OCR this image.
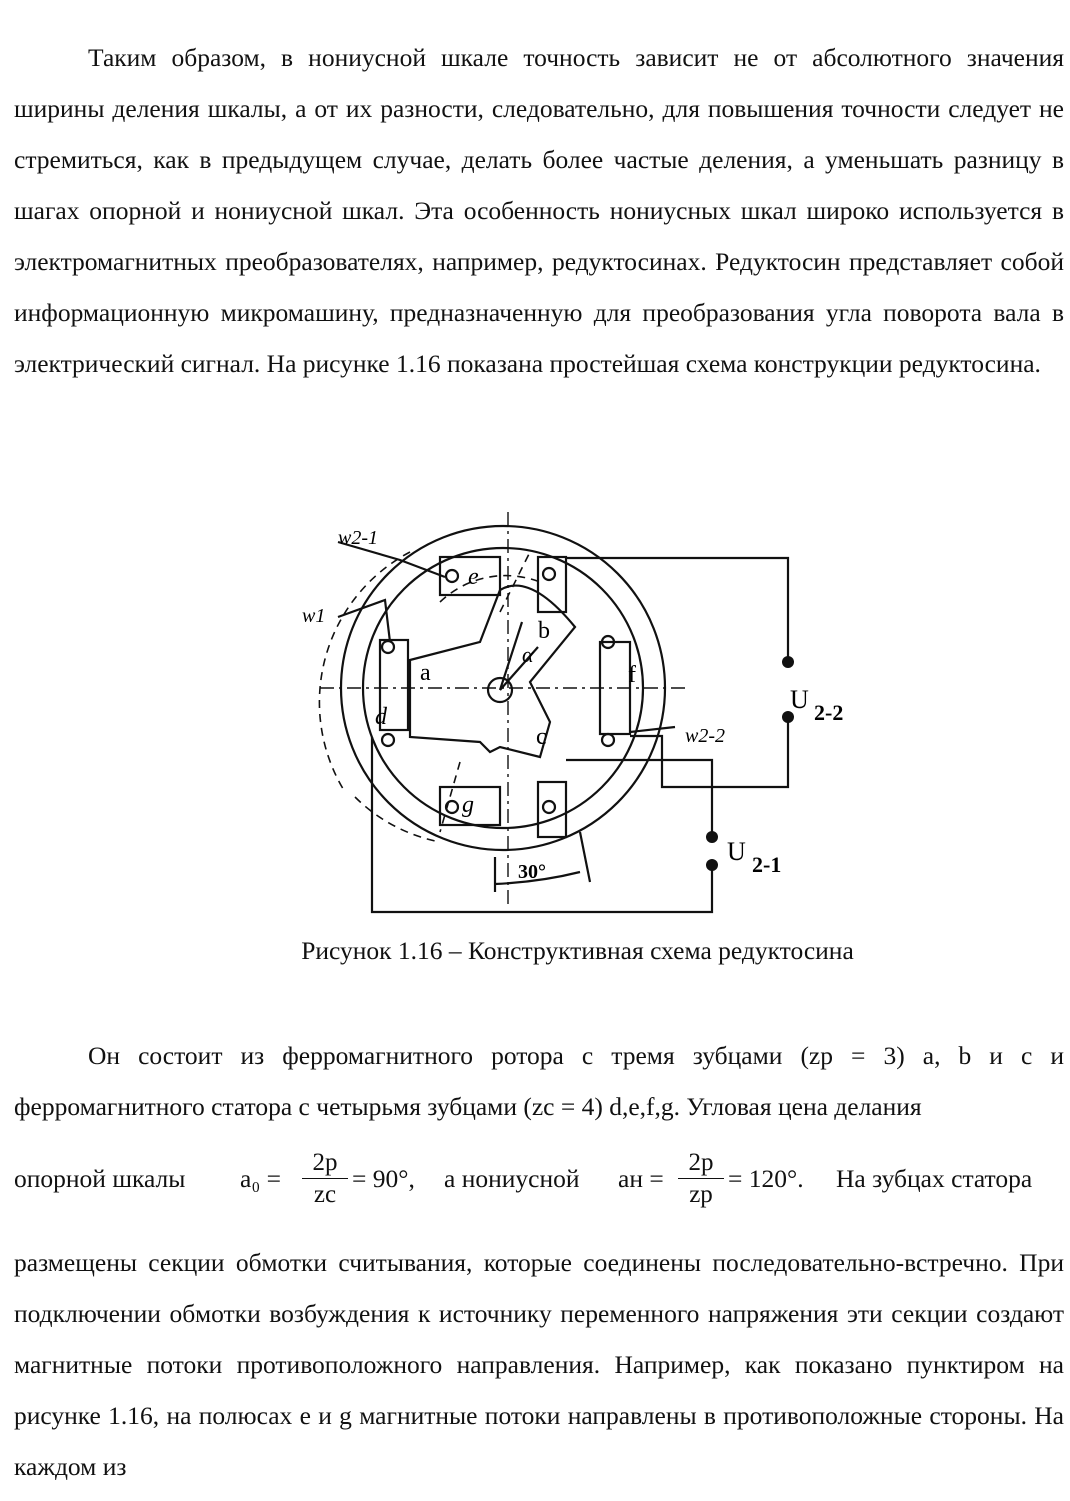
Таким образом, в нониусной шкале точность зависит не от абсолютного значения ширины деления шкалы, а от их разности, следовательно, для повышения точности следует не стремиться, как в предыдущем случае, делать более частые деления, а уменьшать разницу в шагах опорной и нониусной шкал. Эта особенность нониусных шкал широко используется в электромагнитных преобразователях, например, редуктосинах. Редуктосин представляет собой информационную микромашину, предназначенную для преобразования угла поворота вала в электрический сигнал. На рисунке 1.16 показана простейшая схема конструкции редуктосина.
w2-1
w1
w2-2
a
b
c
d
e
f
g
α
U 2-2
U 2-1
30°
Рисунок 1.16 – Конструктивная схема редуктосина
Он состоит из ферромагнитного ротора с тремя зубцами (zр = 3) a, b и c и ферромагнитного статора с четырьмя зубцами (zс = 4) d,e,f,g. Угловая цена делания
опорной шкалы a₀ =
2p
zс
= 90°, а нониусной aн =
2p
zр
= 120°. На зубцах статора
размещены секции обмотки считывания, которые соединены последовательно-встречно. При подключении обмотки возбуждения к источнику переменного напряжения эти секции создают магнитные потоки противоположного направления. Например, как показано пунктиром на рисунке 1.16, на полюсах e и g магнитные потоки направлены в противоположные стороны. На каждом из
